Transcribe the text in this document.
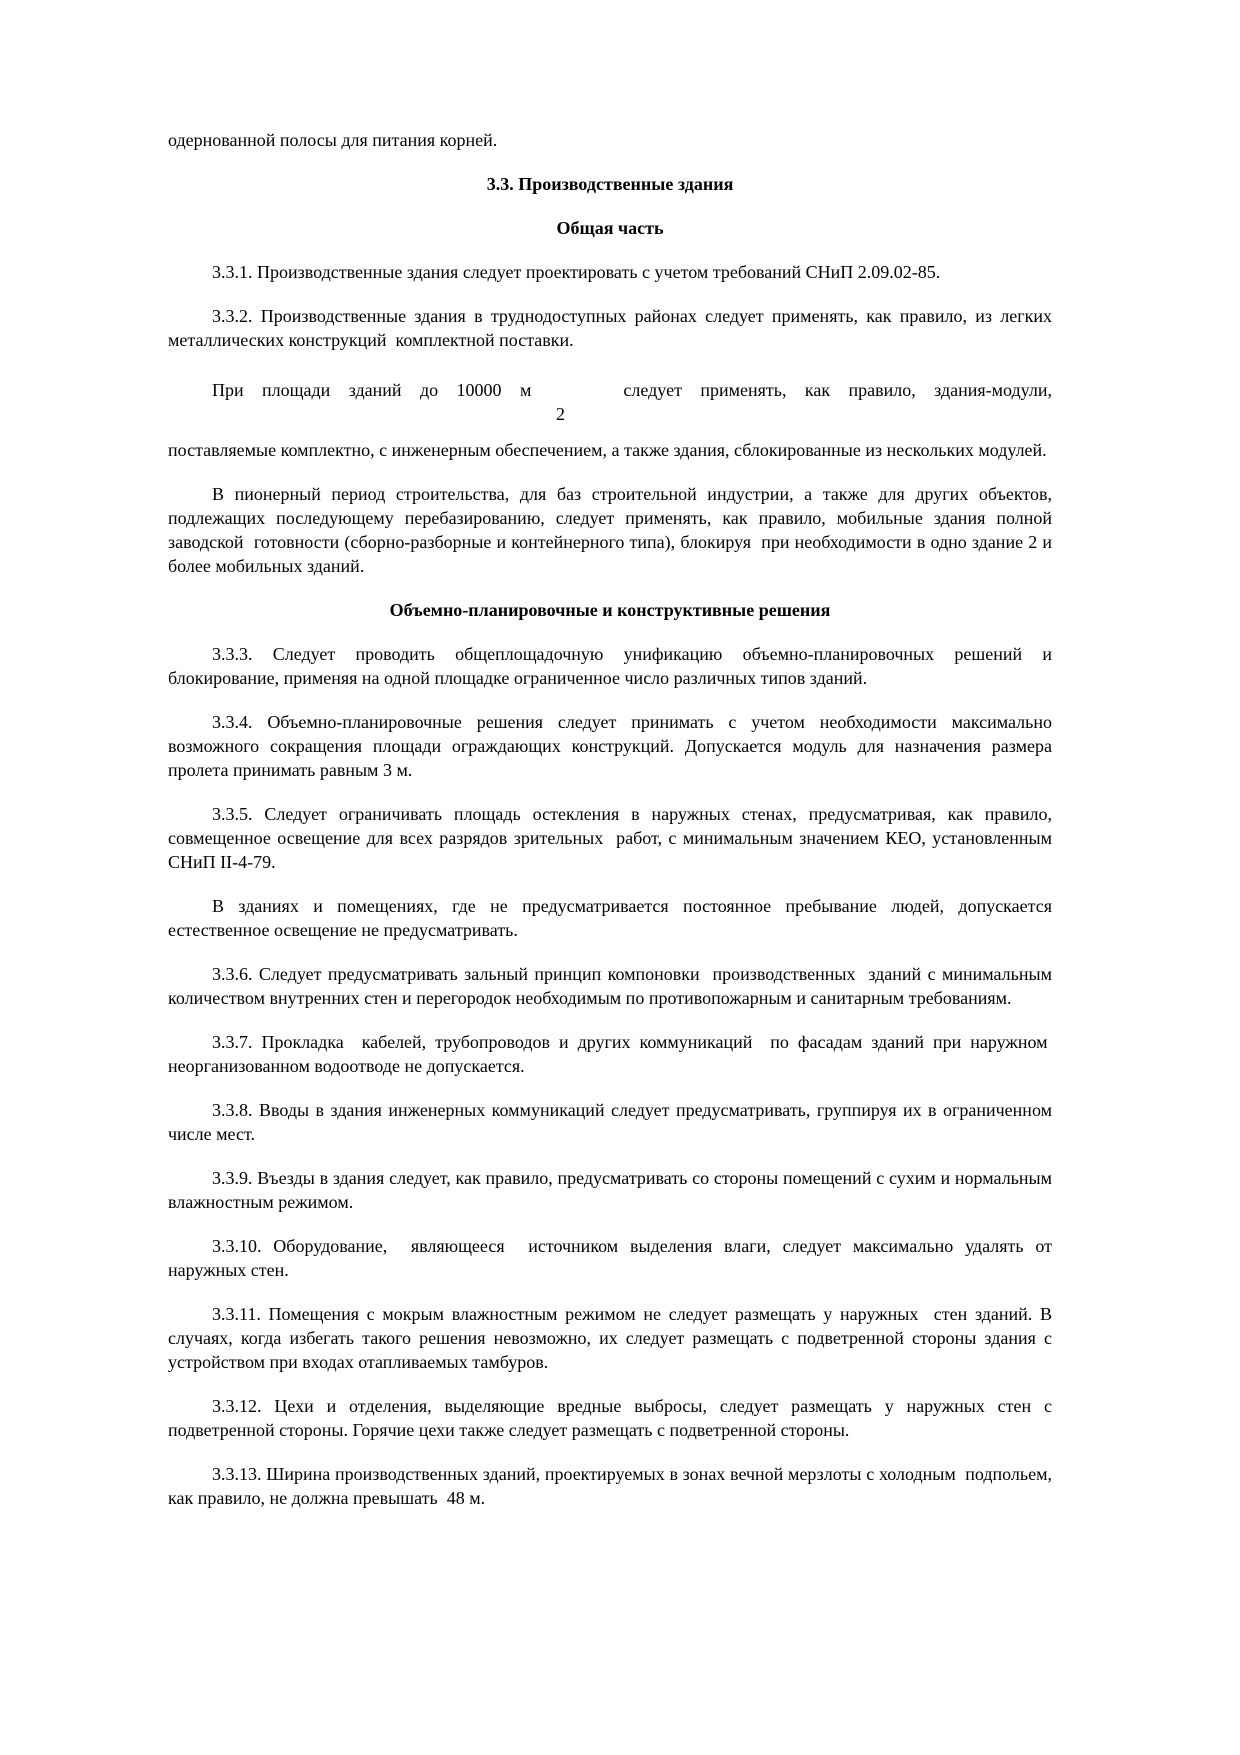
одернованной полосы для питания корней.

3.3. Производственные здания
Общая часть

3.3.1. Производственные здания следует проектировать с учетом требований СНиП 2.09.02-85.

3.3.2. Производственные здания в труднодоступных районах следует применять, как правило, из легких металлических конструкций  комплектной поставки.

При площади зданий до 10000 м     следует применять, как правило, здания-модули,

2

поставляемые комплектно, с инженерным обеспечением, а также здания, сблокированные из нескольких модулей.

В пионерный период строительства, для баз строительной индустрии, а также для других объектов, подлежащих последующему перебазированию, следует применять, как правило, мобильные здания полной заводской  готовности (сборно-разборные и контейнерного типа), блокируя  при необходимости в одно здание 2 и более мобильных зданий.

Объемно-планировочные и конструктивные решения

3.3.3. Следует проводить общеплощадочную унификацию объемно-планировочных решений и блокирование, применяя на одной площадке ограниченное число различных типов зданий.

3.3.4. Объемно-планировочные решения следует принимать с учетом необходимости максимально возможного сокращения площади ограждающих конструкций. Допускается модуль для назначения размера пролета принимать равным 3 м.

3.3.5. Следует ограничивать площадь остекления в наружных стенах, предусматривая, как правило, совмещенное освещение для всех разрядов зрительных  работ, с минимальным значением КЕО, установленным СНиП II-4-79.

В зданиях и помещениях, где не предусматривается постоянное пребывание людей, допускается естественное освещение не предусматривать.

3.3.6. Следует предусматривать зальный принцип компоновки  производственных  зданий с минимальным количеством внутренних стен и перегородок необходимым по противопожарным и санитарным требованиям.

3.3.7. Прокладка  кабелей, трубопроводов и других коммуникаций  по фасадам зданий при наружном  неорганизованном водоотводе не допускается.

3.3.8. Вводы в здания инженерных коммуникаций следует предусматривать, группируя их в ограниченном числе мест.

3.3.9. Въезды в здания следует, как правило, предусматривать со стороны помещений с сухим и нормальным влажностным режимом.

3.3.10. Оборудование,  являющееся  источником выделения влаги, следует максимально удалять от наружных стен.

3.3.11. Помещения с мокрым влажностным режимом не следует размещать у наружных  стен зданий. В случаях, когда избегать такого решения невозможно, их следует размещать с подветренной стороны здания с устройством при входах отапливаемых тамбуров.

3.3.12. Цехи и отделения, выделяющие вредные выбросы, следует размещать у наружных стен с подветренной стороны. Горячие цехи также следует размещать с подветренной стороны.

3.3.13. Ширина производственных зданий, проектируемых в зонах вечной мерзлоты с холодным  подпольем, как правило, не должна превышать  48 м.
